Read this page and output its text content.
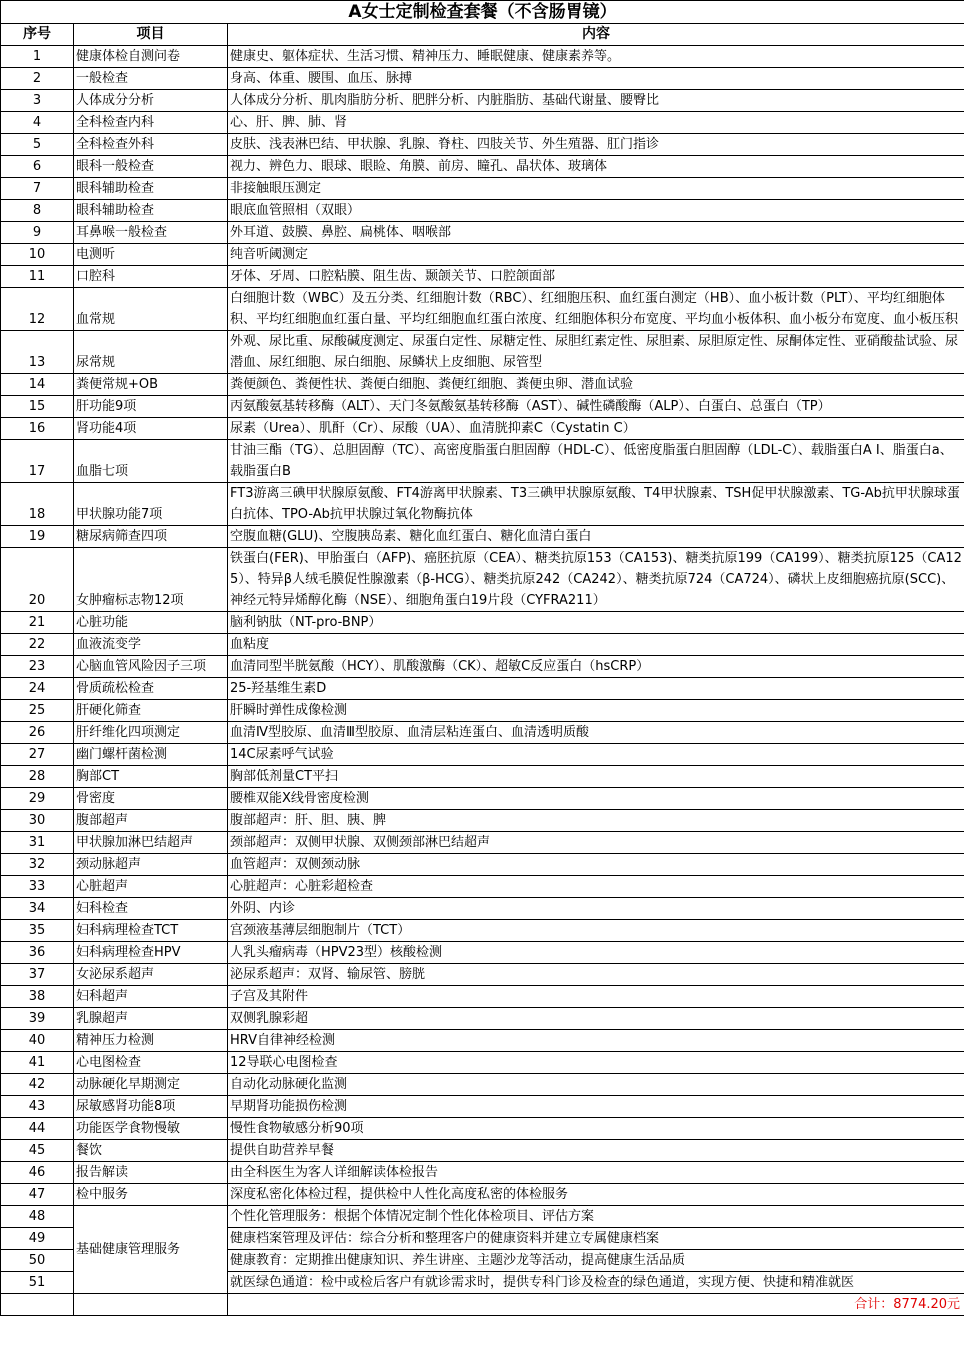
A女士定制检查套餐（不含肠胃镜）		
序号	项目	内容
1	健康体检自测问卷	健康史、躯体症状、生活习惯、精神压力、睡眠健康、健康素养等。
2	一般检查	身高、体重、腰围、血压、脉搏
3	人体成分分析	人体成分分析、肌肉脂肪分析、肥胖分析、内脏脂肪、基础代谢量、腰臀比
4	全科检查内科	心、肝、脾、肺、肾
5	全科检查外科	皮肤、浅表淋巴结、甲状腺、乳腺、脊柱、四肢关节、外生殖器、肛门指诊
6	眼科一般检查	视力、辨色力、眼球、眼睑、角膜、前房、瞳孔、晶状体、玻璃体
7	眼科辅助检查	非接触眼压测定
8	眼科辅助检查	眼底血管照相（双眼）
9	耳鼻喉一般检查	外耳道、鼓膜、鼻腔、扁桃体、咽喉部
10	电测听	纯音听阈测定
11	口腔科	牙体、牙周、口腔粘膜、阻生齿、颞颌关节、口腔颌面部
12	血常规	白细胞计数（WBC）及五分类、红细胞计数（RBC）、红细胞压积、血红蛋白测定（HB）、血小板计数（PLT）、平均红细胞体积、平均红细胞血红蛋白量、平均红细胞血红蛋白浓度、红细胞体积分布宽度、平均血小板体积、血小板分布宽度、血小板压积
13	尿常规	外观、尿比重、尿酸碱度测定、尿蛋白定性、尿糖定性、尿胆红素定性、尿胆素、尿胆原定性、尿酮体定性、亚硝酸盐试验、尿潜血、尿红细胞、尿白细胞、尿鳞状上皮细胞、尿管型
14	粪便常规+OB	粪便颜色、粪便性状、粪便白细胞、粪便红细胞、粪便虫卵、潜血试验
15	肝功能9项	丙氨酸氨基转移酶（ALT）、天门冬氨酸氨基转移酶（AST）、碱性磷酸酶（ALP）、白蛋白、总蛋白（TP）
16	肾功能4项	尿素（Urea）、肌酐（Cr）、尿酸（UA）、血清胱抑素C（Cystatin C）
17	血脂七项	甘油三酯（TG）、总胆固醇（TC）、高密度脂蛋白胆固醇（HDL-C）、低密度脂蛋白胆固醇（LDL-C）、载脂蛋白A Ⅰ、脂蛋白a、载脂蛋白B
18	甲状腺功能7项	FT3游离三碘甲状腺原氨酸、FT4游离甲状腺素、T3三碘甲状腺原氨酸、T4甲状腺素、TSH促甲状腺激素、TG-Ab抗甲状腺球蛋白抗体、TPO-Ab抗甲状腺过氧化物酶抗体
19	糖尿病筛查四项	空腹血糖(GLU)、空腹胰岛素、糖化血红蛋白、糖化血清白蛋白
20	女肿瘤标志物12项	铁蛋白(FER)、甲胎蛋白（AFP)、癌胚抗原（CEA）、糖类抗原153（CA153)、糖类抗原199（CA199）、糖类抗原125（CA125）、特异β人绒毛膜促性腺激素（β-HCG）、糖类抗原242（CA242）、糖类抗原724（CA724）、磷状上皮细胞癌抗原(SCC)、神经元特异烯醇化酶（NSE）、细胞角蛋白19片段（CYFRA211）
21	心脏功能	脑利钠肽（NT-pro-BNP）
22	血液流变学	血粘度
23	心脑血管风险因子三项	血清同型半胱氨酸（HCY）、肌酸激酶（CK）、超敏C反应蛋白（hsCRP）
24	骨质疏松检查	25-羟基维生素D
25	肝硬化筛查	肝瞬时弹性成像检测
26	肝纤维化四项测定	血清Ⅳ型胶原、血清Ⅲ型胶原、血清层粘连蛋白、血清透明质酸
27	幽门螺杆菌检测	14C尿素呼气试验
28	胸部CT	胸部低剂量CT平扫
29	骨密度	腰椎双能X线骨密度检测
30	腹部超声	腹部超声：肝、胆、胰、脾
31	甲状腺加淋巴结超声	颈部超声：双侧甲状腺、双侧颈部淋巴结超声
32	颈动脉超声	血管超声：双侧颈动脉
33	心脏超声	心脏超声：心脏彩超检查
34	妇科检查	外阴、内诊
35	妇科病理检查TCT	宫颈液基薄层细胞制片（TCT）
36	妇科病理检查HPV	人乳头瘤病毒（HPV23型）核酸检测
37	女泌尿系超声	泌尿系超声：双肾、输尿管、膀胱
38	妇科超声	子宫及其附件
39	乳腺超声	双侧乳腺彩超
40	精神压力检测	HRV自律神经检测
41	心电图检查	12导联心电图检查
42	动脉硬化早期测定	自动化动脉硬化监测
43	尿敏感肾功能8项	早期肾功能损伤检测
44	功能医学食物慢敏	慢性食物敏感分析90项
45	餐饮	提供自助营养早餐
46	报告解读	由全科医生为客人详细解读体检报告
47	检中服务	深度私密化体检过程，提供检中人性化高度私密的体检服务
48	基础健康管理服务	个性化管理服务：根据个体情况定制个性化体检项目、评估方案
49		健康档案管理及评估：综合分析和整理客户的健康资料并建立专属健康档案
50		健康教育：定期推出健康知识、养生讲座、主题沙龙等活动，提高健康生活品质
51		就医绿色通道：检中或检后客户有就诊需求时，提供专科门诊及检查的绿色通道，实现方便、快捷和精准就医
		合计：8774.20元
